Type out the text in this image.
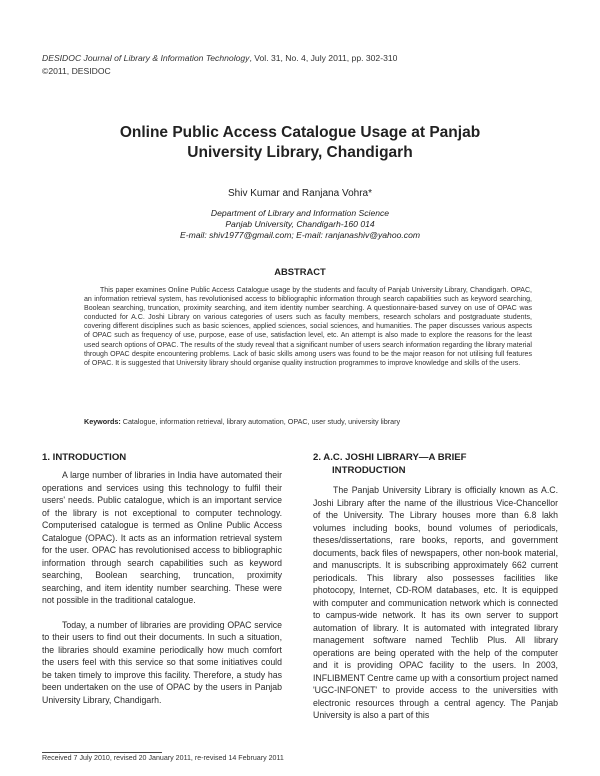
DESIDOC Journal of Library & Information Technology, Vol. 31, No. 4, July 2011, pp. 302-310
©2011, DESIDOC
Online Public Access Catalogue Usage at Panjab
University Library, Chandigarh
Shiv Kumar and Ranjana Vohra*
Department of Library and Information Science
Panjab University, Chandigarh-160 014
E-mail: shiv1977@gmail.com; E-mail: ranjanashiv@yahoo.com
ABSTRACT
This paper examines Online Public Access Catalogue usage by the students and faculty of Panjab University Library, Chandigarh. OPAC, an information retrieval system, has revolutionised access to bibliographic information through search capabilities such as keyword searching, Boolean searching, truncation, proximity searching, and item identity number searching. A questionnaire-based survey on use of OPAC was conducted for A.C. Joshi Library on various categories of users such as faculty members, research scholars and postgraduate students, covering different disciplines such as basic sciences, applied sciences, social sciences, and humanities. The paper discusses various aspects of OPAC such as frequency of use, purpose, ease of use, satisfaction level, etc. An attempt is also made to explore the reasons for the least used search options of OPAC. The results of the study reveal that a significant number of users search information regarding the library material through OPAC despite encountering problems. Lack of basic skills among users was found to be the major reason for not utilising full features of OPAC. It is suggested that University library should organise quality instruction programmes to improve knowledge and skills of the users.
Keywords: Catalogue, information retrieval, library automation, OPAC, user study, university library
1. INTRODUCTION

A large number of libraries in India have automated their operations and services using this technology to fulfil their users' needs. Public catalogue, which is an important service of the library is not exceptional to computer technology. Computerised catalogue is termed as Online Public Access Catalogue (OPAC). It acts as an information retrieval system for the user. OPAC has revolutionised access to bibliographic information through search capabilities such as keyword searching, Boolean searching, truncation, proximity searching, and item identity number searching. These were not possible in the traditional catalogue.

Today, a number of libraries are providing OPAC service to their users to find out their documents. In such a situation, the libraries should examine periodically how much comfort the users feel with this service so that some initiatives could be taken timely to improve this facility. Therefore, a study has been undertaken on the use of OPAC by the users in Panjab University Library, Chandigarh.

2. A.C. JOSHI LIBRARY—A BRIEF
INTRODUCTION

The Panjab University Library is officially known as A.C. Joshi Library after the name of the illustrious Vice-Chancellor of the University. The Library houses more than 6.8 lakh volumes including books, bound volumes of periodicals, theses/dissertations, rare books, reports, and government documents, back files of newspapers, other non-book material, and manuscripts. It is subscribing approximately 662 current periodicals. This library also possesses facilities like photocopy, Internet, CD-ROM databases, etc. It is equipped with computer and communication network which is connected to campus-wide network. It has its own server to support automation of library. It is automated with integrated library management software named Techlib Plus. All library operations are being operated with the help of the computer and it is providing OPAC facility to the users. In 2003, INFLIBMENT Centre came up with a consortium project named 'UGC-INFONET' to provide access to the universities with electronic resources through a central agency. The Panjab University is also a part of this

Received 7 July 2010, revised 20 January 2011, re-revised 14 February 2011
